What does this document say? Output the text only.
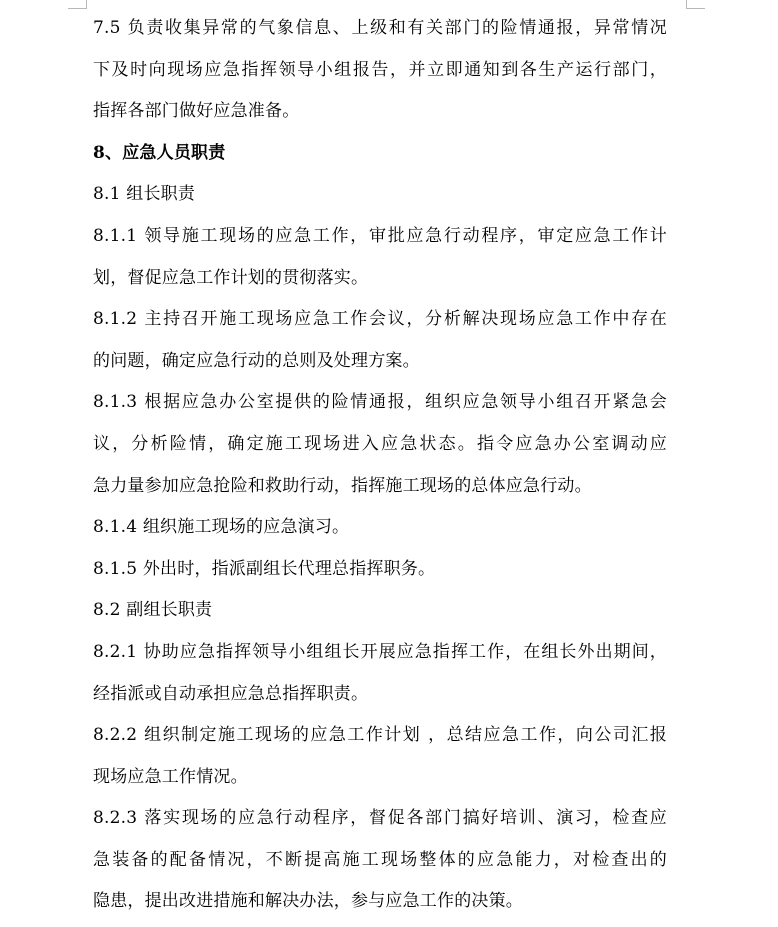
7.5 负责收集异常的气象信息、上级和有关部门的险情通报，异常情况
下及时向现场应急指挥领导小组报告，并立即通知到各生产运行部门，
指挥各部门做好应急准备。
8、应急人员职责
8.1 组长职责
8.1.1 领导施工现场的应急工作，审批应急行动程序，审定应急工作计
划，督促应急工作计划的贯彻落实。
8.1.2 主持召开施工现场应急工作会议，分析解决现场应急工作中存在
的问题，确定应急行动的总则及处理方案。
8.1.3 根据应急办公室提供的险情通报，组织应急领导小组召开紧急会
议，分析险情，确定施工现场进入应急状态。指令应急办公室调动应
急力量参加应急抢险和救助行动，指挥施工现场的总体应急行动。
8.1.4 组织施工现场的应急演习。
8.1.5 外出时，指派副组长代理总指挥职务。
8.2 副组长职责
8.2.1 协助应急指挥领导小组组长开展应急指挥工作，在组长外出期间，
经指派或自动承担应急总指挥职责。
8.2.2 组织制定施工现场的应急工作计划 ，总结应急工作，向公司汇报
现场应急工作情况。
8.2.3 落实现场的应急行动程序，督促各部门搞好培训、演习，检查应
急装备的配备情况，不断提高施工现场整体的应急能力，对检查出的
隐患，提出改进措施和解决办法，参与应急工作的决策。
